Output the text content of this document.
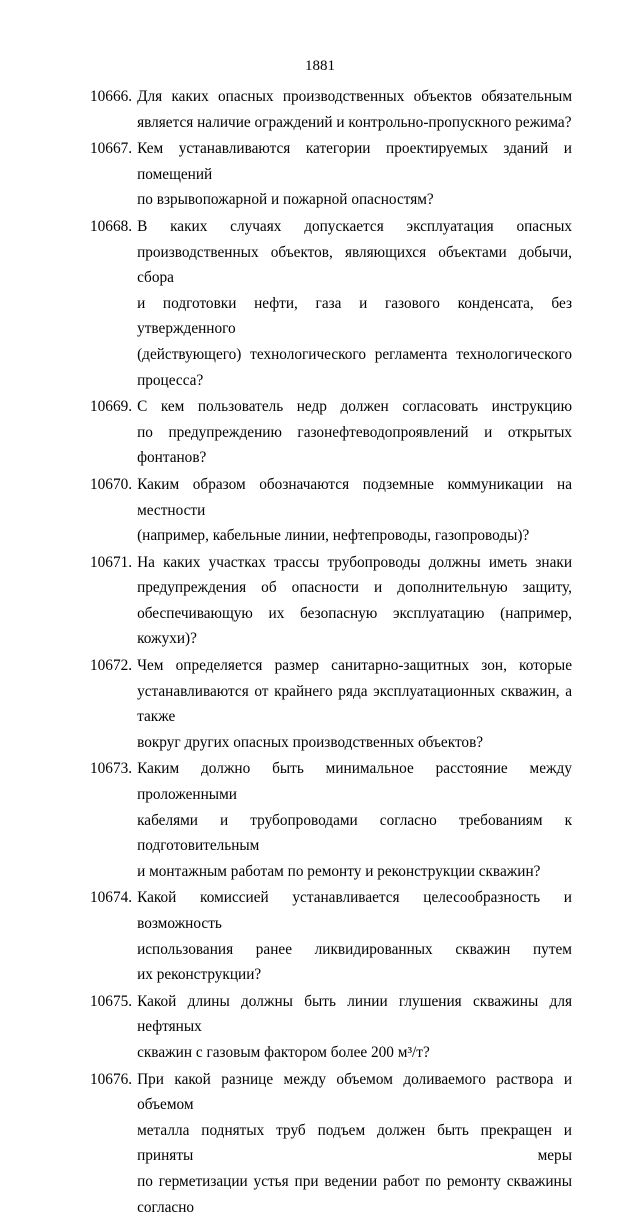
1881
10666. Для каких опасных производственных объектов обязательным
является наличие ограждений и контрольно-пропускного режима?
10667. Кем устанавливаются категории проектируемых зданий и помещений
по взрывопожарной и пожарной опасностям?
10668. В каких случаях допускается эксплуатация опасных
производственных объектов, являющихся объектами добычи, сбора
и подготовки нефти, газа и газового конденсата, без утвержденного
(действующего) технологического регламента технологического
процесса?
10669. С кем пользователь недр должен согласовать инструкцию
по предупреждению газонефтеводопроявлений и открытых фонтанов?
10670. Каким образом обозначаются подземные коммуникации на местности
(например, кабельные линии, нефтепроводы, газопроводы)?
10671. На каких участках трассы трубопроводы должны иметь знаки
предупреждения об опасности и дополнительную защиту,
обеспечивающую их безопасную эксплуатацию (например, кожухи)?
10672. Чем определяется размер санитарно-защитных зон, которые
устанавливаются от крайнего ряда эксплуатационных скважин, а также
вокруг других опасных производственных объектов?
10673. Каким должно быть минимальное расстояние между проложенными
кабелями и трубопроводами согласно требованиям к подготовительным
и монтажным работам по ремонту и реконструкции скважин?
10674. Какой комиссией устанавливается целесообразность и возможность
использования ранее ликвидированных скважин путем
их реконструкции?
10675. Какой длины должны быть линии глушения скважины для нефтяных
скважин с газовым фактором более 200 м³/т?
10676. При какой разнице между объемом доливаемого раствора и объемом
металла поднятых труб подъем должен быть прекращен и приняты меры
по герметизации устья при ведении работ по ремонту скважины согласно
